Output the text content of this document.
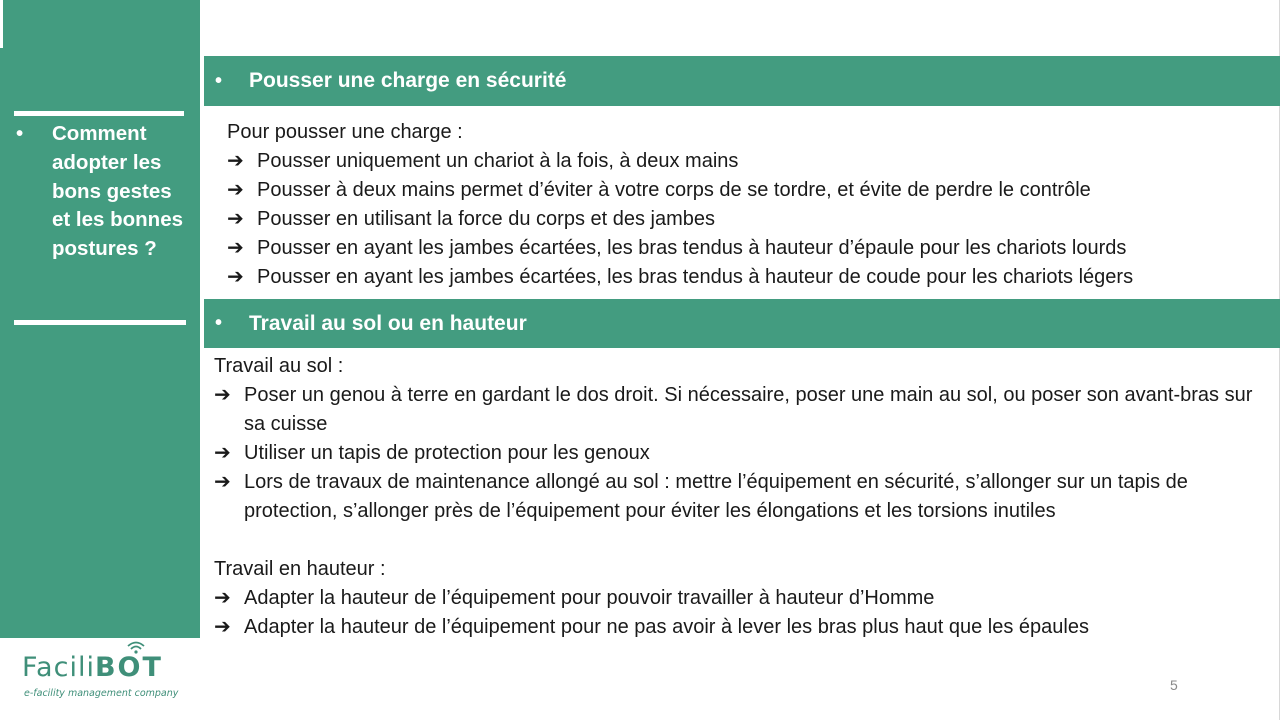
•	Comment adopter les bons gestes et les bonnes postures ?
FaciliBOT
e-facility management company
•	Pousser une charge en sécurité
Pour pousser une charge :
➔ Pousser uniquement un chariot à la fois, à deux mains
➔ Pousser à deux mains permet d’éviter à votre corps de se tordre, et évite de perdre le contrôle
➔ Pousser en utilisant la force du corps et des jambes
➔ Pousser en ayant les jambes écartées, les bras tendus à hauteur d’épaule pour les chariots lourds
➔ Pousser en ayant les jambes écartées, les bras tendus à hauteur de coude pour les chariots légers
•	Travail au sol ou en hauteur
Travail au sol :
➔ Poser un genou à terre en gardant le dos droit. Si nécessaire, poser une main au sol, ou poser son avant-bras sur sa cuisse
➔ Utiliser un tapis de protection pour les genoux
➔ Lors de travaux de maintenance allongé au sol : mettre l’équipement en sécurité, s’allonger sur un tapis de protection, s’allonger près de l’équipement pour éviter les élongations et les torsions inutiles
Travail en hauteur :
➔ Adapter la hauteur de l’équipement pour pouvoir travailler à hauteur d’Homme
➔ Adapter la hauteur de l’équipement pour ne pas avoir à lever les bras plus haut que les épaules
5
